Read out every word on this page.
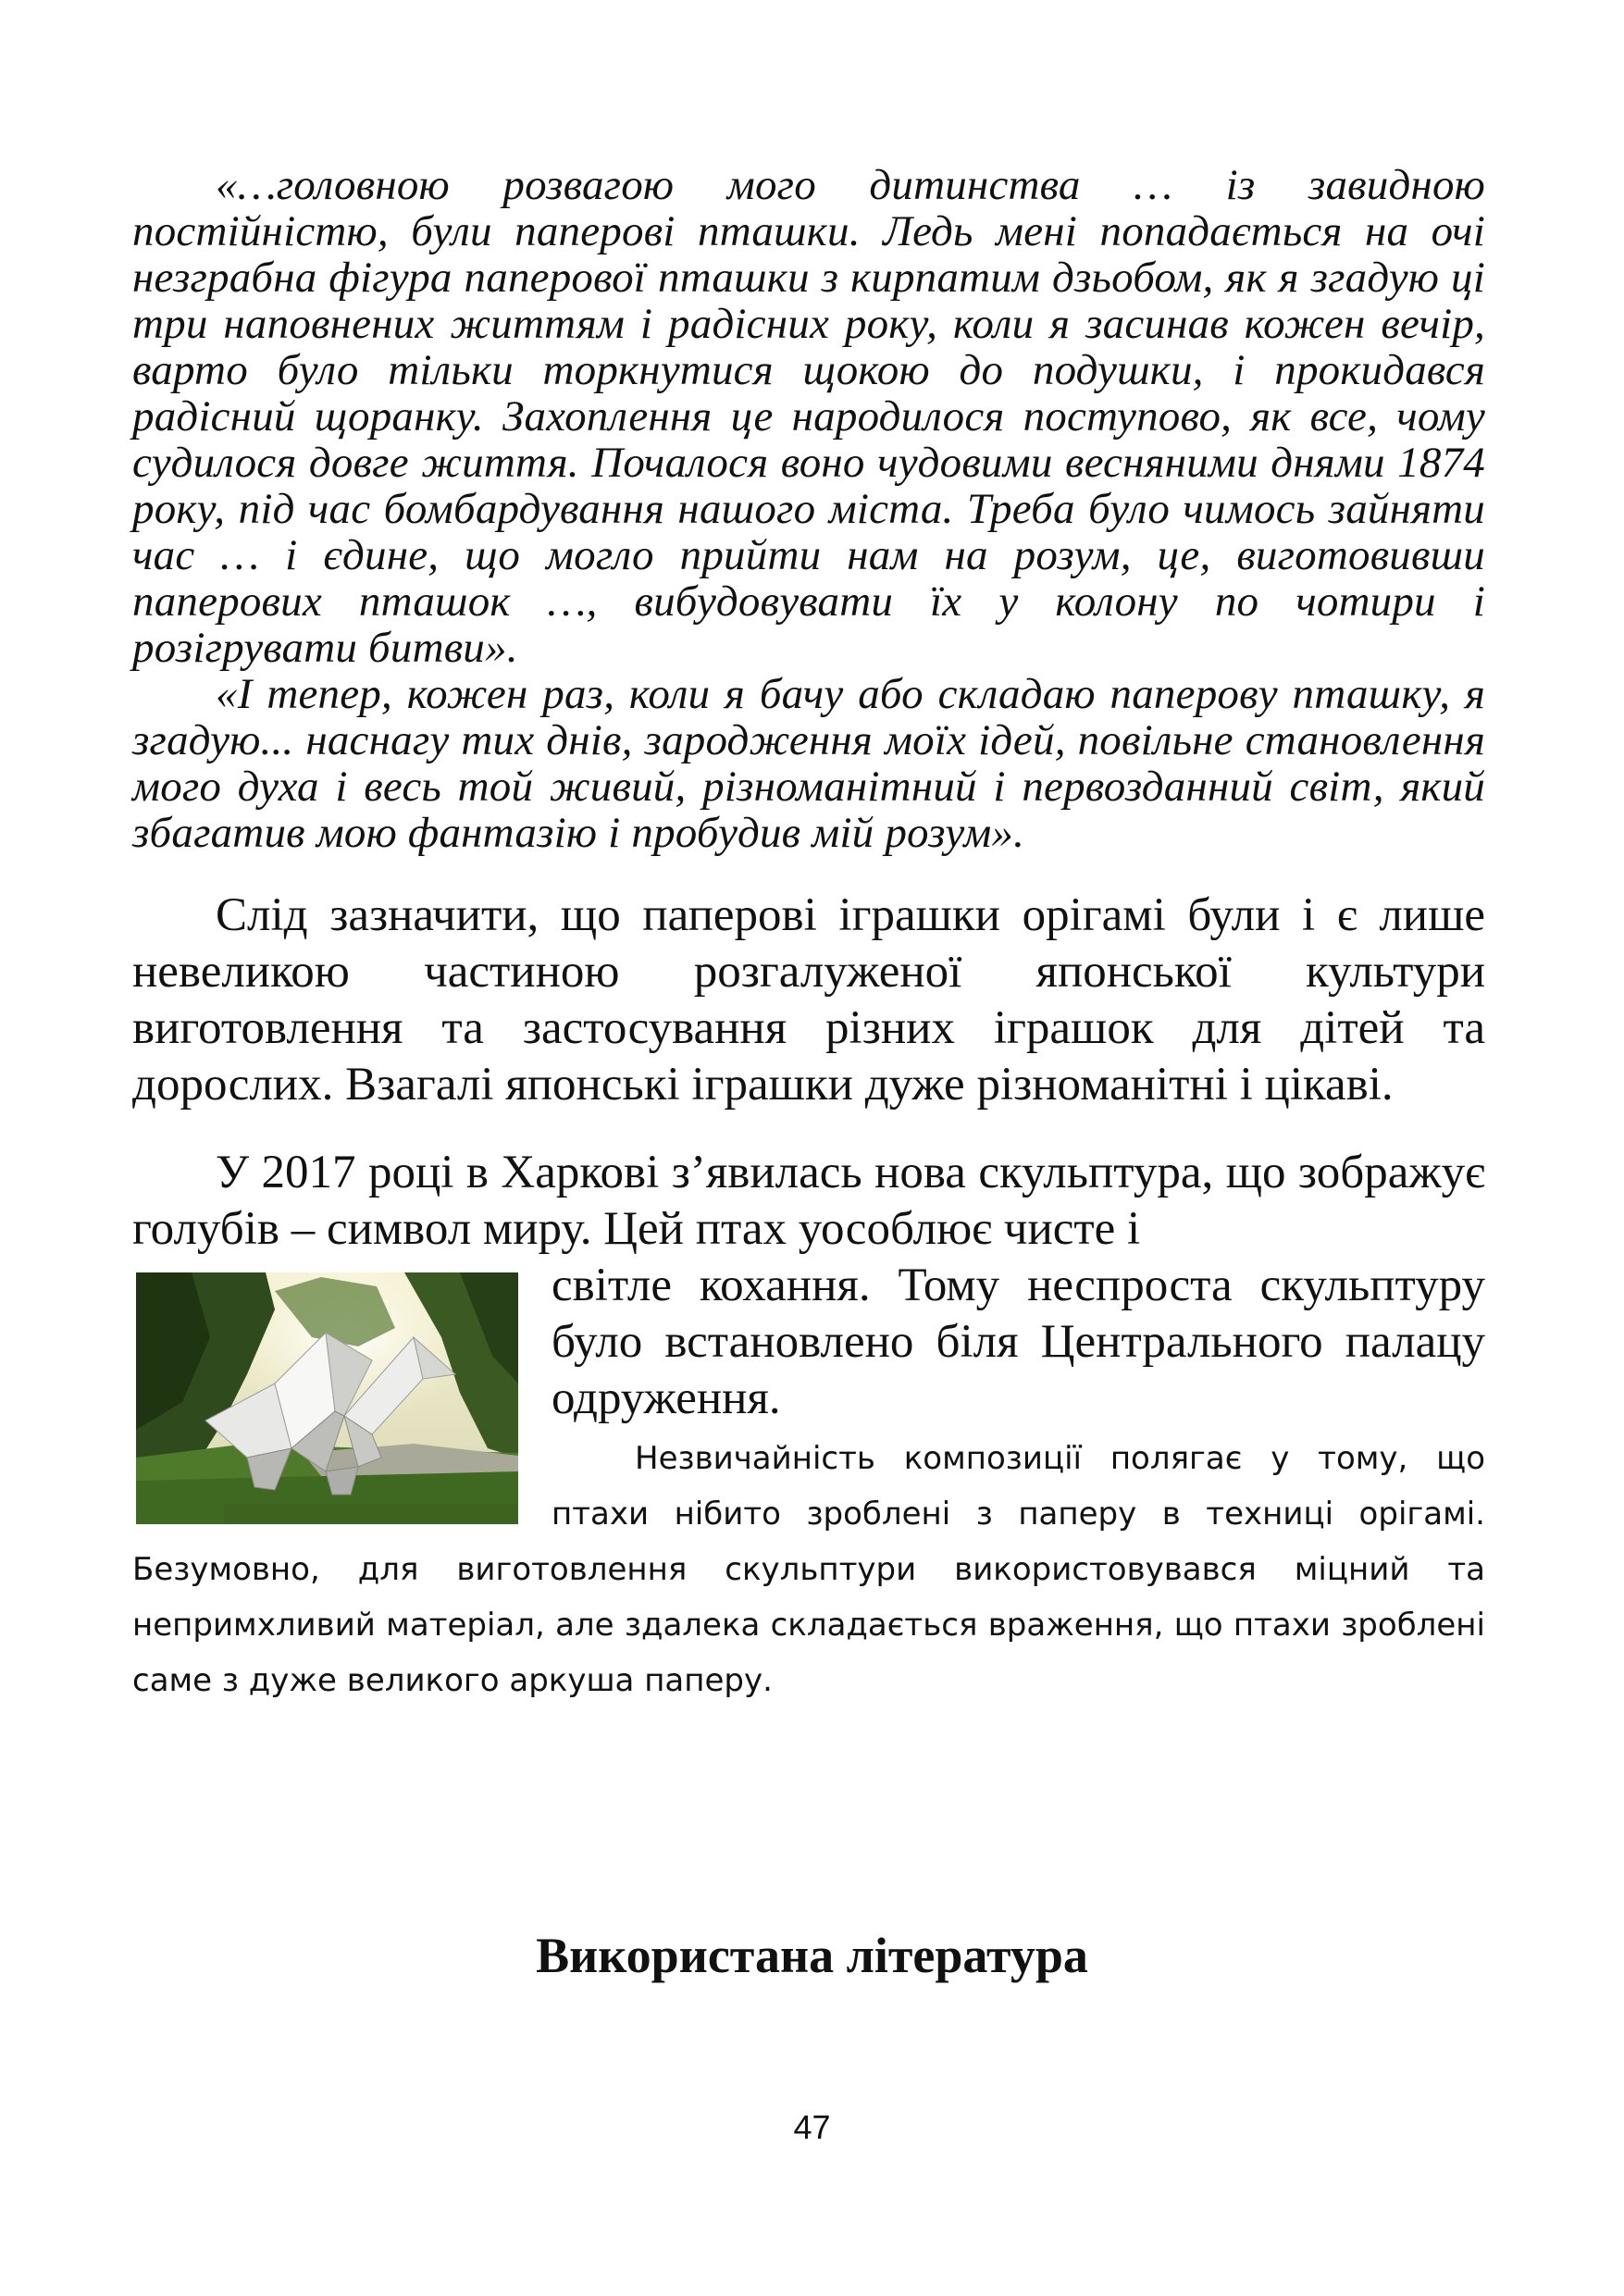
«…головною розвагою мого дитинства … із завидною постійністю, були паперові пташки. Ледь мені попадається на очі незграбна фігура паперової пташки з кирпатим дзьобом, як я згадую ці три наповнених життям і радісних року, коли я засинав кожен вечір, варто було тільки торкнутися щокою до подушки, і прокидався радісний щоранку. Захоплення це народилося поступово, як все, чому судилося довге життя. Почалося воно чудовими весняними днями 1874 року, під час бомбардування нашого міста. Треба було чимось зайняти час … і єдине, що могло прийти нам на розум, це, виготовивши паперових пташок …, вибудовувати їх у колону по чотири і розігрувати битви».

«І тепер, кожен раз, коли я бачу або складаю паперову пташку, я згадую... наснагу тих днів, зародження моїх ідей, повільне становлення мого духа і весь той живий, різноманітний і первозданний світ, який збагатив мою фантазію і пробудив мій розум».

Слід зазначити, що паперові іграшки орігамі були і є лише невеликою частиною розгалуженої японської культури виготовлення та застосування різних іграшок для дітей та дорослих. Взагалі японські іграшки дуже різноманітні і цікаві.

У 2017 році в Харкові з’явилась нова скульптура, що зображує голубів – символ миру. Цей птах уособлює чисте і

світле кохання. Тому неспроста скульптуру було встановлено біля Центрального палацу одруження.

Незвичайність композиції полягає у тому, що птахи нібито зроблені з паперу в техниці орігамі. Безумовно, для виготовлення скульптури використовувався міцний та непримхливий матеріал, але здалека складається враження, що птахи зроблені саме з дуже великого аркуша паперу.

Використана література
47
